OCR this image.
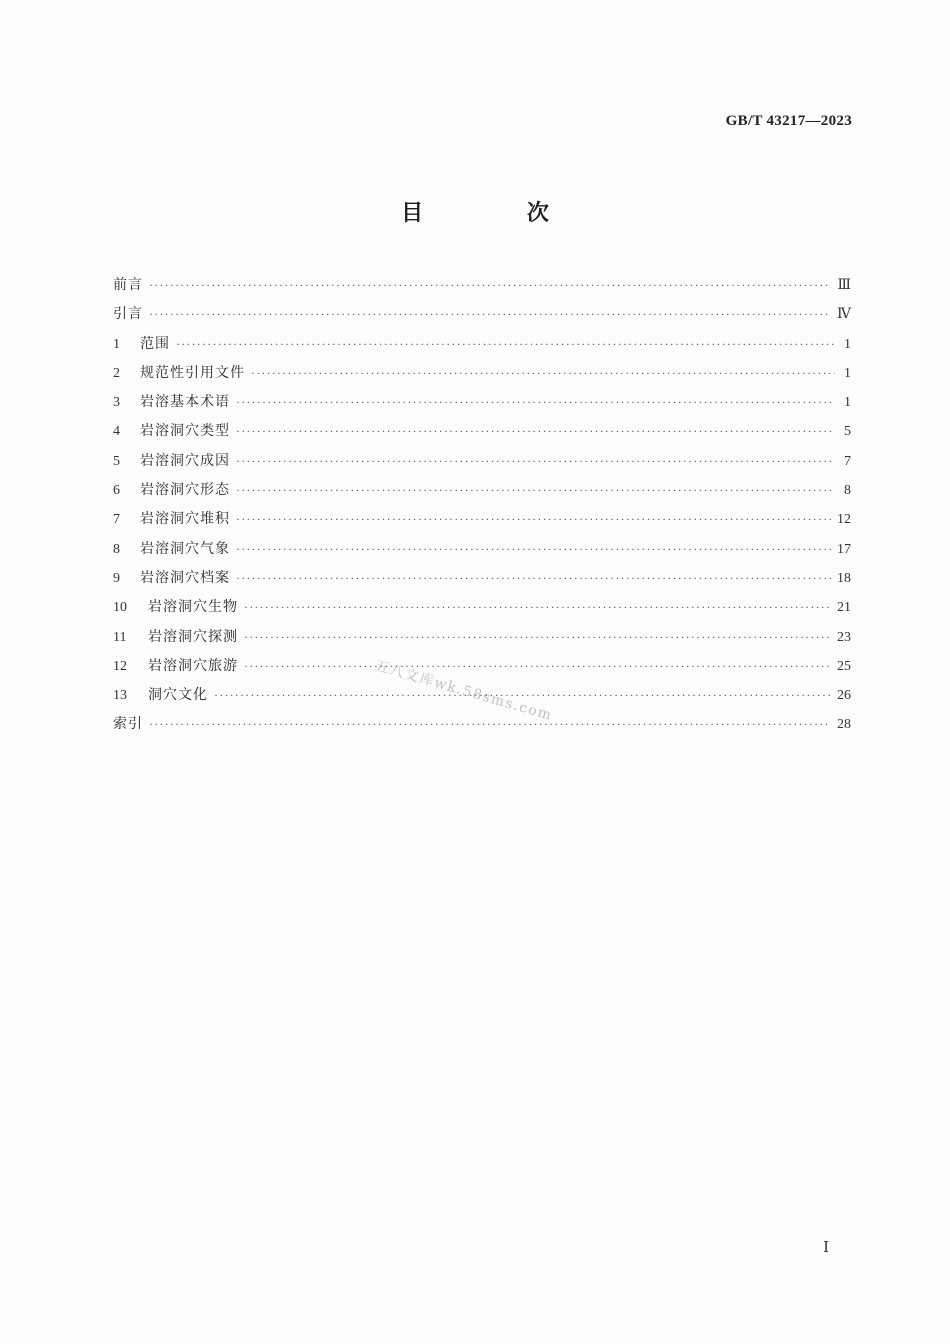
GB/T 43217—2023
目 次
前言 ·····	Ⅲ
引言 ·····	Ⅳ
1	范围 ·····	1
2	规范性引用文件 ·····	1
3	岩溶基本术语 ·····	1
4	岩溶洞穴类型 ·····	5
5	岩溶洞穴成因 ·····	7
6	岩溶洞穴形态 ·····	8
7	岩溶洞穴堆积 ·····	12
8	岩溶洞穴气象 ·····	17
9	岩溶洞穴档案 ·····	18
10	岩溶洞穴生物 ·····	21
11	岩溶洞穴探测 ·····	23
12	岩溶洞穴旅游 ·····	25
13	洞穴文化 ·····	26
索引 ·····	28
五八文库wk.58sms.com
Ⅰ
